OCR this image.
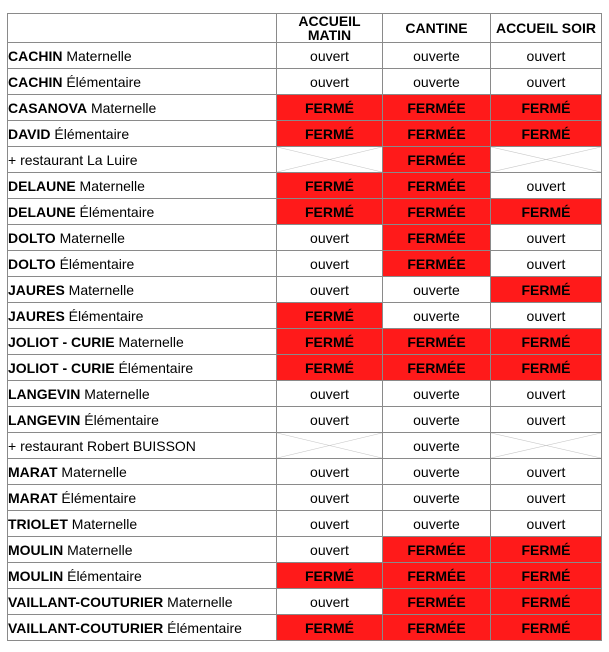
	ACCUEIL MATIN	CANTINE	ACCUEIL SOIR
CACHIN Maternelle	ouvert	ouverte	ouvert
CACHIN Élémentaire	ouvert	ouverte	ouvert
CASANOVA Maternelle	FERMÉ	FERMÉE	FERMÉ
DAVID Élémentaire	FERMÉ	FERMÉE	FERMÉ
+ restaurant La Luire		FERMÉE	

DELAUNE Maternelle	FERMÉ	FERMÉE	ouvert
DELAUNE Élémentaire	FERMÉ	FERMÉE	FERMÉ
DOLTO Maternelle	ouvert	FERMÉE	ouvert
DOLTO Élémentaire	ouvert	FERMÉE	ouvert
JAURES Maternelle	ouvert	ouverte	FERMÉ
JAURES Élémentaire	FERMÉ	ouverte	ouvert
JOLIOT - CURIE Maternelle	FERMÉ	FERMÉE	FERMÉ
JOLIOT - CURIE Élémentaire	FERMÉ	FERMÉE	FERMÉ
LANGEVIN Maternelle	ouvert	ouverte	ouvert
LANGEVIN Élémentaire	ouvert	ouverte	ouvert
+ restaurant Robert BUISSON		ouverte	

MARAT Maternelle	ouvert	ouverte	ouvert
MARAT Élémentaire	ouvert	ouverte	ouvert
TRIOLET Maternelle	ouvert	ouverte	ouvert
MOULIN Maternelle	ouvert	FERMÉE	FERMÉ
MOULIN Élémentaire	FERMÉ	FERMÉE	FERMÉ
VAILLANT-COUTURIER Maternelle	ouvert	FERMÉE	FERMÉ
VAILLANT-COUTURIER Élémentaire	FERMÉ	FERMÉE	FERMÉ
